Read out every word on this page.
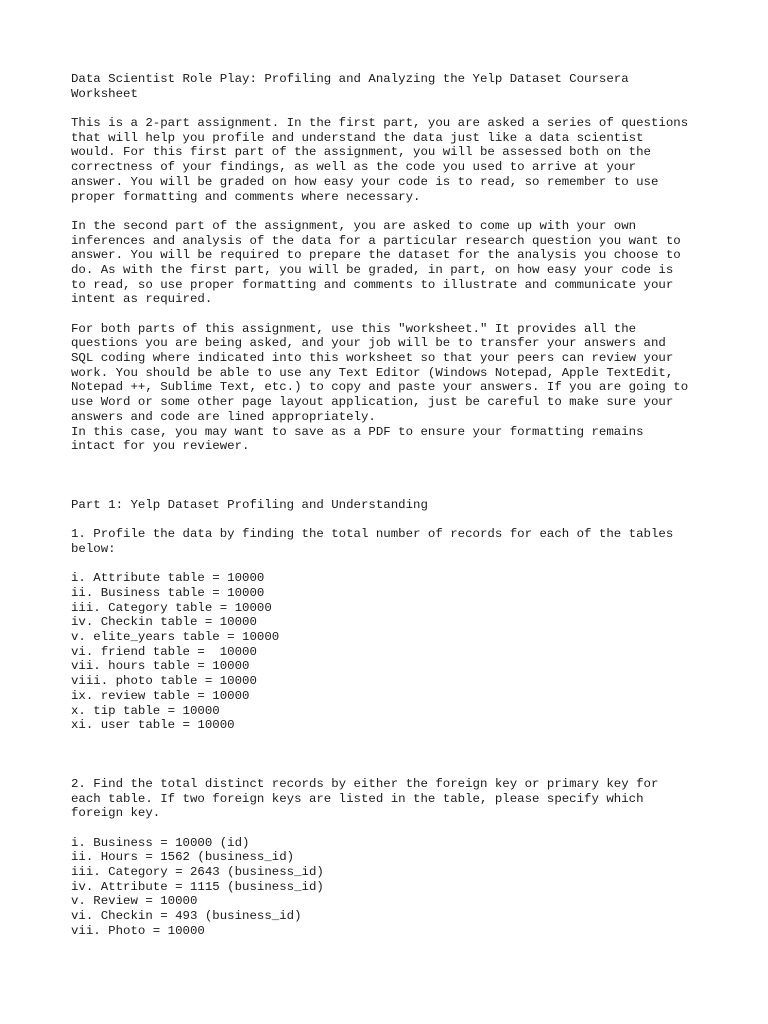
Data Scientist Role Play: Profiling and Analyzing the Yelp Dataset Coursera
Worksheet
This is a 2-part assignment. In the first part, you are asked a series of questions
that will help you profile and understand the data just like a data scientist
would. For this first part of the assignment, you will be assessed both on the
correctness of your findings, as well as the code you used to arrive at your
answer. You will be graded on how easy your code is to read, so remember to use
proper formatting and comments where necessary.
In the second part of the assignment, you are asked to come up with your own
inferences and analysis of the data for a particular research question you want to
answer. You will be required to prepare the dataset for the analysis you choose to
do. As with the first part, you will be graded, in part, on how easy your code is
to read, so use proper formatting and comments to illustrate and communicate your
intent as required.
For both parts of this assignment, use this "worksheet." It provides all the
questions you are being asked, and your job will be to transfer your answers and
SQL coding where indicated into this worksheet so that your peers can review your
work. You should be able to use any Text Editor (Windows Notepad, Apple TextEdit,
Notepad ++, Sublime Text, etc.) to copy and paste your answers. If you are going to
use Word or some other page layout application, just be careful to make sure your
answers and code are lined appropriately.
In this case, you may want to save as a PDF to ensure your formatting remains
intact for you reviewer.
Part 1: Yelp Dataset Profiling and Understanding
1. Profile the data by finding the total number of records for each of the tables
below:
i. Attribute table = 10000
ii. Business table = 10000
iii. Category table = 10000
iv. Checkin table = 10000
v. elite_years table = 10000
vi. friend table =  10000
vii. hours table = 10000
viii. photo table = 10000
ix. review table = 10000
x. tip table = 10000
xi. user table = 10000
2. Find the total distinct records by either the foreign key or primary key for
each table. If two foreign keys are listed in the table, please specify which
foreign key.
i. Business = 10000 (id)
ii. Hours = 1562 (business_id)
iii. Category = 2643 (business_id)
iv. Attribute = 1115 (business_id)
v. Review = 10000
vi. Checkin = 493 (business_id)
vii. Photo = 10000
